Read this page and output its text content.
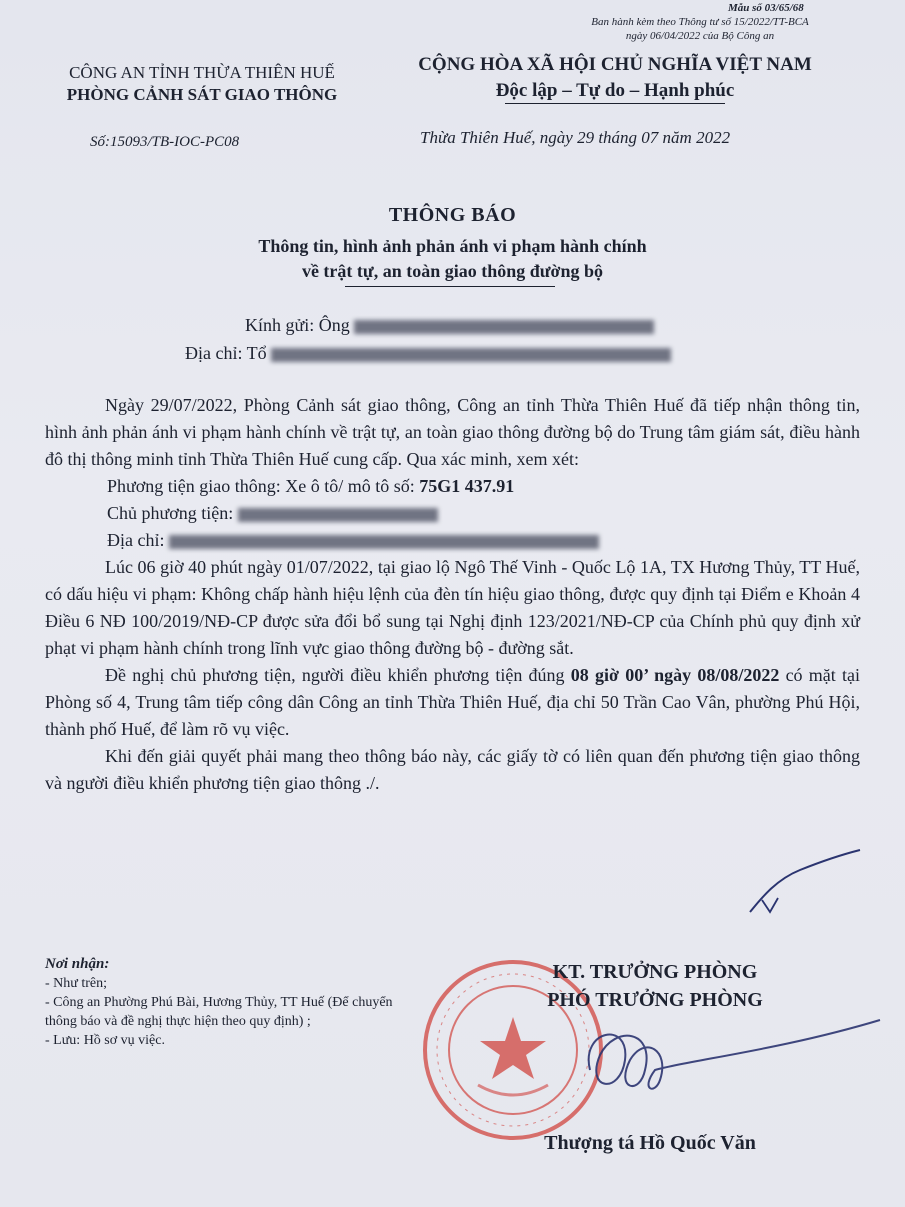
Mẫu số 03/65/68
Ban hành kèm theo Thông tư số 15/2022/TT-BCA
ngày 06/04/2022 của Bộ Công an
CÔNG AN TỈNH THỪA THIÊN HUẾ
PHÒNG CẢNH SÁT GIAO THÔNG
CỘNG HÒA XÃ HỘI CHỦ NGHĨA VIỆT NAM
Độc lập – Tự do – Hạnh phúc
Số:15093/TB-IOC-PC08	Thừa Thiên Huế, ngày 29 tháng 07 năm 2022
THÔNG BÁO
Thông tin, hình ảnh phản ánh vi phạm hành chính
về trật tự, an toàn giao thông đường bộ
Kính gửi: Ông
Địa chỉ: Tổ

Ngày 29/07/2022, Phòng Cảnh sát giao thông, Công an tỉnh Thừa Thiên Huế đã tiếp nhận thông tin, hình ảnh phản ánh vi phạm hành chính về trật tự, an toàn giao thông đường bộ do Trung tâm giám sát, điều hành đô thị thông minh tỉnh Thừa Thiên Huế cung cấp. Qua xác minh, xem xét:

Phương tiện giao thông: Xe ô tô/ mô tô số: 75G1 437.91

Chủ phương tiện:

Địa chỉ:

Lúc 06 giờ 40 phút ngày 01/07/2022, tại giao lộ Ngô Thế Vinh - Quốc Lộ 1A, TX Hương Thủy, TT Huế, có dấu hiệu vi phạm: Không chấp hành hiệu lệnh của đèn tín hiệu giao thông, được quy định tại Điểm e Khoản 4 Điều 6 NĐ 100/2019/NĐ-CP được sửa đổi bổ sung tại Nghị định 123/2021/NĐ-CP của Chính phủ quy định xử phạt vi phạm hành chính trong lĩnh vực giao thông đường bộ - đường sắt.

Đề nghị chủ phương tiện, người điều khiển phương tiện đúng 08 giờ 00’ ngày 08/08/2022 có mặt tại Phòng số 4, Trung tâm tiếp công dân Công an tỉnh Thừa Thiên Huế, địa chỉ 50 Trần Cao Vân, phường Phú Hội, thành phố Huế, để làm rõ vụ việc.

Khi đến giải quyết phải mang theo thông báo này, các giấy tờ có liên quan đến phương tiện giao thông và người điều khiển phương tiện giao thông ./.

Nơi nhận:
- Như trên;
- Công an Phường Phú Bài, Hương Thủy, TT Huế (Để chuyển thông báo và đề nghị thực hiện theo quy định) ;
- Lưu: Hồ sơ vụ việc.
KT. TRƯỞNG PHÒNG
PHÓ TRƯỞNG PHÒNG
Thượng tá Hồ Quốc Văn
